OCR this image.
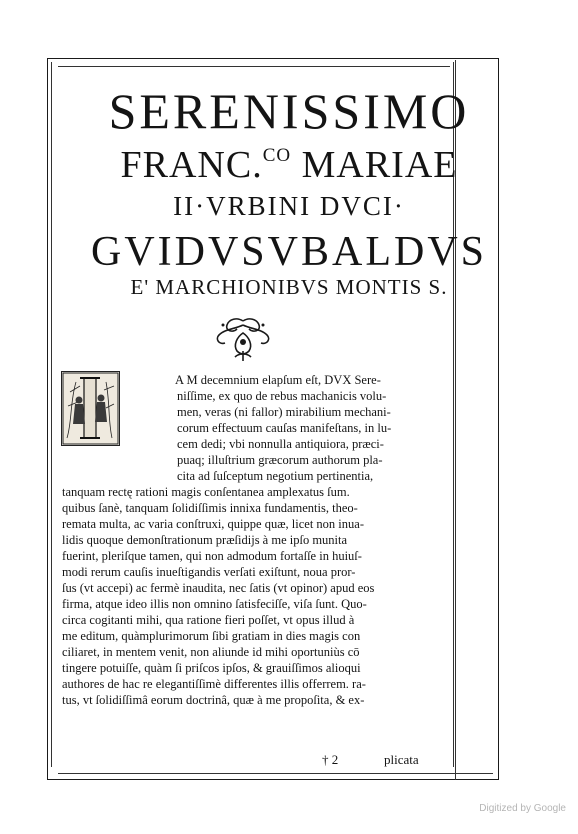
SERENISSIMO
FRANC.$^{CO}$ MARIAE
II·VRBINI DVCI·
GVIDVSVBALDVS
E' MARCHIONIBVS MONTIS S.
A M decemnium elapſum eſt, DVX Sere-
niſſime, ex quo de rebus machanicis volu-
men, veras (ni fallor) mirabilium mechani-
corum effectuum cauſas manifeſtans, in lu-
cem dedi; vbi nonnulla antiquiora, præci-
puaq; illuſtrium græcorum authorum pla-
cita ad ſuſceptum negotium pertinentia,
tanquam rectę rationi magis conſentanea amplexatus ſum.
quibus ſanè, tanquam ſolidiſſimis innixa fundamentis, theo-
remata multa, ac varia conſtruxi, quippe quæ, licet non inua-
lidis quoque demonſtrationum præſidijs à me ipſo munita
fuerint, pleriſque tamen, qui non admodum fortaſſe in huiuſ-
modi rerum cauſis inueſtigandis verſati exiſtunt, noua pror-
ſus (vt accepi) ac fermè inaudita, nec ſatis (vt opinor) apud eos
firma, atque ideo illis non omnino ſatisfeciſſe, viſa ſunt. Quo-
circa cogitanti mihi, qua ratione fieri poſſet, vt opus illud à
me editum, quàmplurimorum ſibi gratiam in dies magis con
ciliaret, in mentem venit, non aliunde id mihi oportuniùs cō
tingere potuiſſe, quàm ſi priſcos ipſos, & grauiſſimos alioqui
authores de hac re elegantiſſimè differentes illis offerrem. ra-
tus, vt ſolidiſſimâ eorum doctrinâ, quæ à me propoſita, & ex-
† 2	plicata
Digitized by Google
